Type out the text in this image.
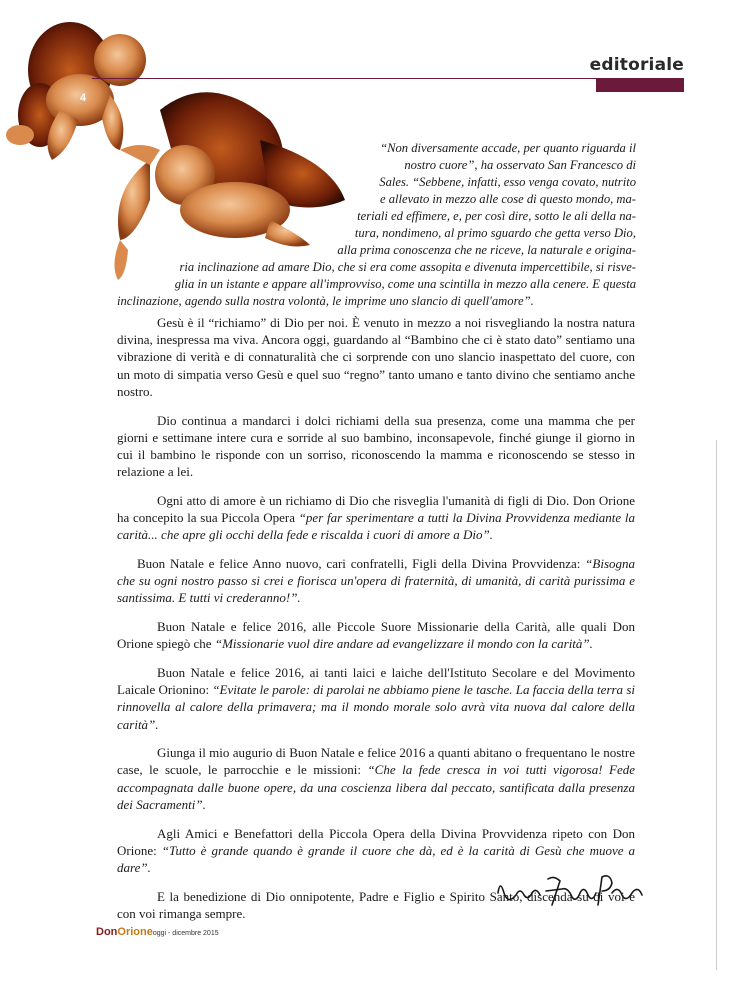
editoriale
4
“Non diversamente accade, per quanto riguarda il
nostro cuore”, ha osservato San Francesco di
Sales. “Sebbene, infatti, esso venga covato, nutrito
e allevato in mezzo alle cose di questo mondo, ma-
teriali ed effimere, e, per così dire, sotto le ali della na-
tura, nondimeno, al primo sguardo che getta verso Dio,
alla prima conoscenza che ne riceve, la naturale e origina-
ria inclinazione ad amare Dio, che si era come assopita e divenuta impercettibile, si risve-
glia in un istante e appare all'improvviso, come una scintilla in mezzo alla cenere. E questa
inclinazione, agendo sulla nostra volontà, le imprime uno slancio di quell'amore”.

Gesù è il “richiamo” di Dio per noi. È venuto in mezzo a noi risvegliando la nostra natura divina, inespressa ma viva. Ancora oggi, guardando al “Bambino che ci è stato dato” sentiamo una vibrazione di verità e di connaturalità che ci sorprende con uno slancio inaspettato del cuore, con un moto di simpatia verso Gesù e quel suo “regno” tanto umano e tanto divino che sentiamo anche nostro.

Dio continua a mandarci i dolci richiami della sua presenza, come una mamma che per giorni e settimane intere cura e sorride al suo bambino, inconsapevole, finché giunge il giorno in cui il bambino le risponde con un sorriso, riconoscendo la mamma e riconoscendo se stesso in relazione a lei.

Ogni atto di amore è un richiamo di Dio che risveglia l'umanità di figli di Dio. Don Orione ha concepito la sua Piccola Opera “per far sperimentare a tutti la Divina Provvidenza mediante la carità... che apre gli occhi della fede e riscalda i cuori di amore a Dio”.

Buon Natale e felice Anno nuovo, cari confratelli, Figli della Divina Provvidenza: “Bisogna che su ogni nostro passo si crei e fiorisca un'opera di fraternità, di umanità, di carità purissima e santissima. E tutti vi crederanno!”.

Buon Natale e felice 2016, alle Piccole Suore Missionarie della Carità, alle quali Don Orione spiegò che “Missionarie vuol dire andare ad evangelizzare il mondo con la carità”.

Buon Natale e felice 2016, ai tanti laici e laiche dell'Istituto Secolare e del Movimento Laicale Orionino: “Evitate le parole: di parolai ne abbiamo piene le tasche. La faccia della terra si rinnovella al calore della primavera; ma il mondo morale solo avrà vita nuova dal calore della carità”.

Giunga il mio augurio di Buon Natale e felice 2016 a quanti abitano o frequentano le nostre case, le scuole, le parrocchie e le missioni: “Che la fede cresca in voi tutti vigorosa! Fede accompagnata dalle buone opere, da una coscienza libera dal peccato, santificata dalla presenza dei Sacramenti”.

Agli Amici e Benefattori della Piccola Opera della Divina Provvidenza ripeto con Don Orione: “Tutto è grande quando è grande il cuore che dà, ed è la carità di Gesù che muove a dare”.

E la benedizione di Dio onnipotente, Padre e Figlio e Spirito Santo, discenda su di voi e con voi rimanga sempre.

DonOrioneoggi - dicembre 2015
